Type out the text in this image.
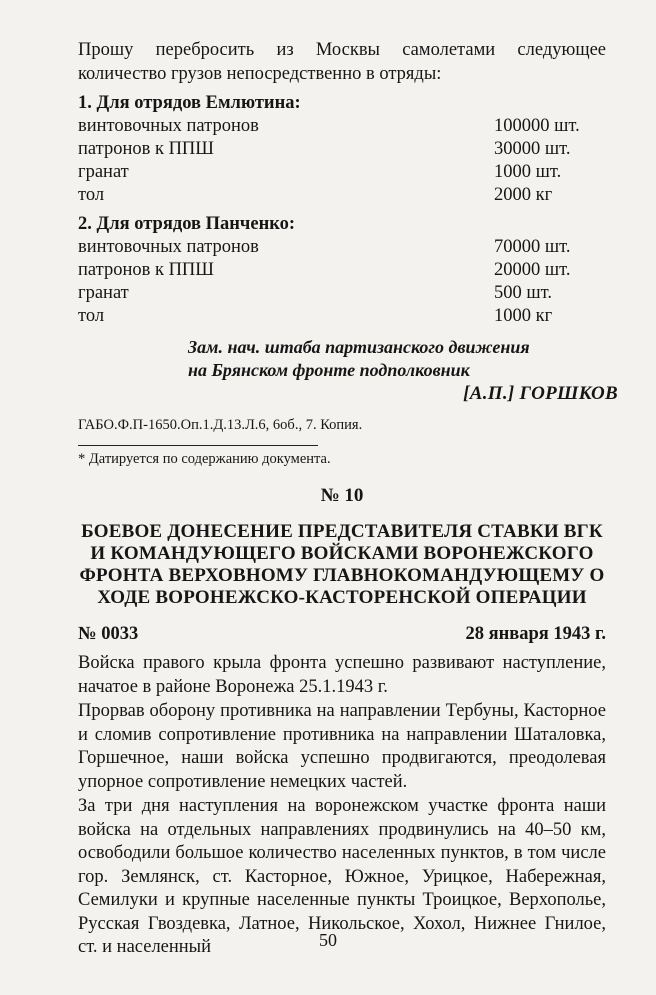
Прошу перебросить из Москвы самолетами следующее количество грузов непосредственно в отряды:

1. Для отрядов Емлютина:
винтовочных патронов	100000 шт.
патронов к ППШ	30000 шт.
гранат	1000 шт.
тол	2000 кг
2. Для отрядов Панченко:
винтовочных патронов	70000 шт.
патронов к ППШ	20000 шт.
гранат	500 шт.
тол	1000 кг
Зам. нач. штаба партизанского движения
на Брянском фронте подполковник
[А.П.] ГОРШКОВ

ГАБО.Ф.П-1650.Оп.1.Д.13.Л.6, 6об., 7. Копия.

* Датируется по содержанию документа.

№ 10
БОЕВОЕ ДОНЕСЕНИЕ ПРЕДСТАВИТЕЛЯ СТАВКИ ВГК И КОМАНДУЮЩЕГО ВОЙСКАМИ ВОРОНЕЖСКОГО ФРОНТА ВЕРХОВНОМУ ГЛАВНОКОМАНДУЮЩЕМУ О ХОДЕ ВОРОНЕЖСКО-КАСТОРЕНСКОЙ ОПЕРАЦИИ
№ 0033	28 января 1943 г.

Войска правого крыла фронта успешно развивают наступление, начатое в районе Воронежа 25.1.1943 г.

Прорвав оборону противника на направлении Тербуны, Касторное и сломив сопротивление противника на направлении Шаталовка, Горшечное, наши войска успешно продвигаются, преодолевая упорное сопротивление немецких частей.

За три дня наступления на воронежском участке фронта наши войска на отдельных направлениях продвинулись на 40–50 км, освободили большое количество населенных пунктов, в том числе гор. Землянск, ст. Касторное, Южное, Урицкое, Набережная, Семилуки и крупные населенные пункты Троицкое, Верхополье, Русская Гвоздевка, Латное, Никольское, Хохол, Нижнее Гнилое, ст. и населенный	50
